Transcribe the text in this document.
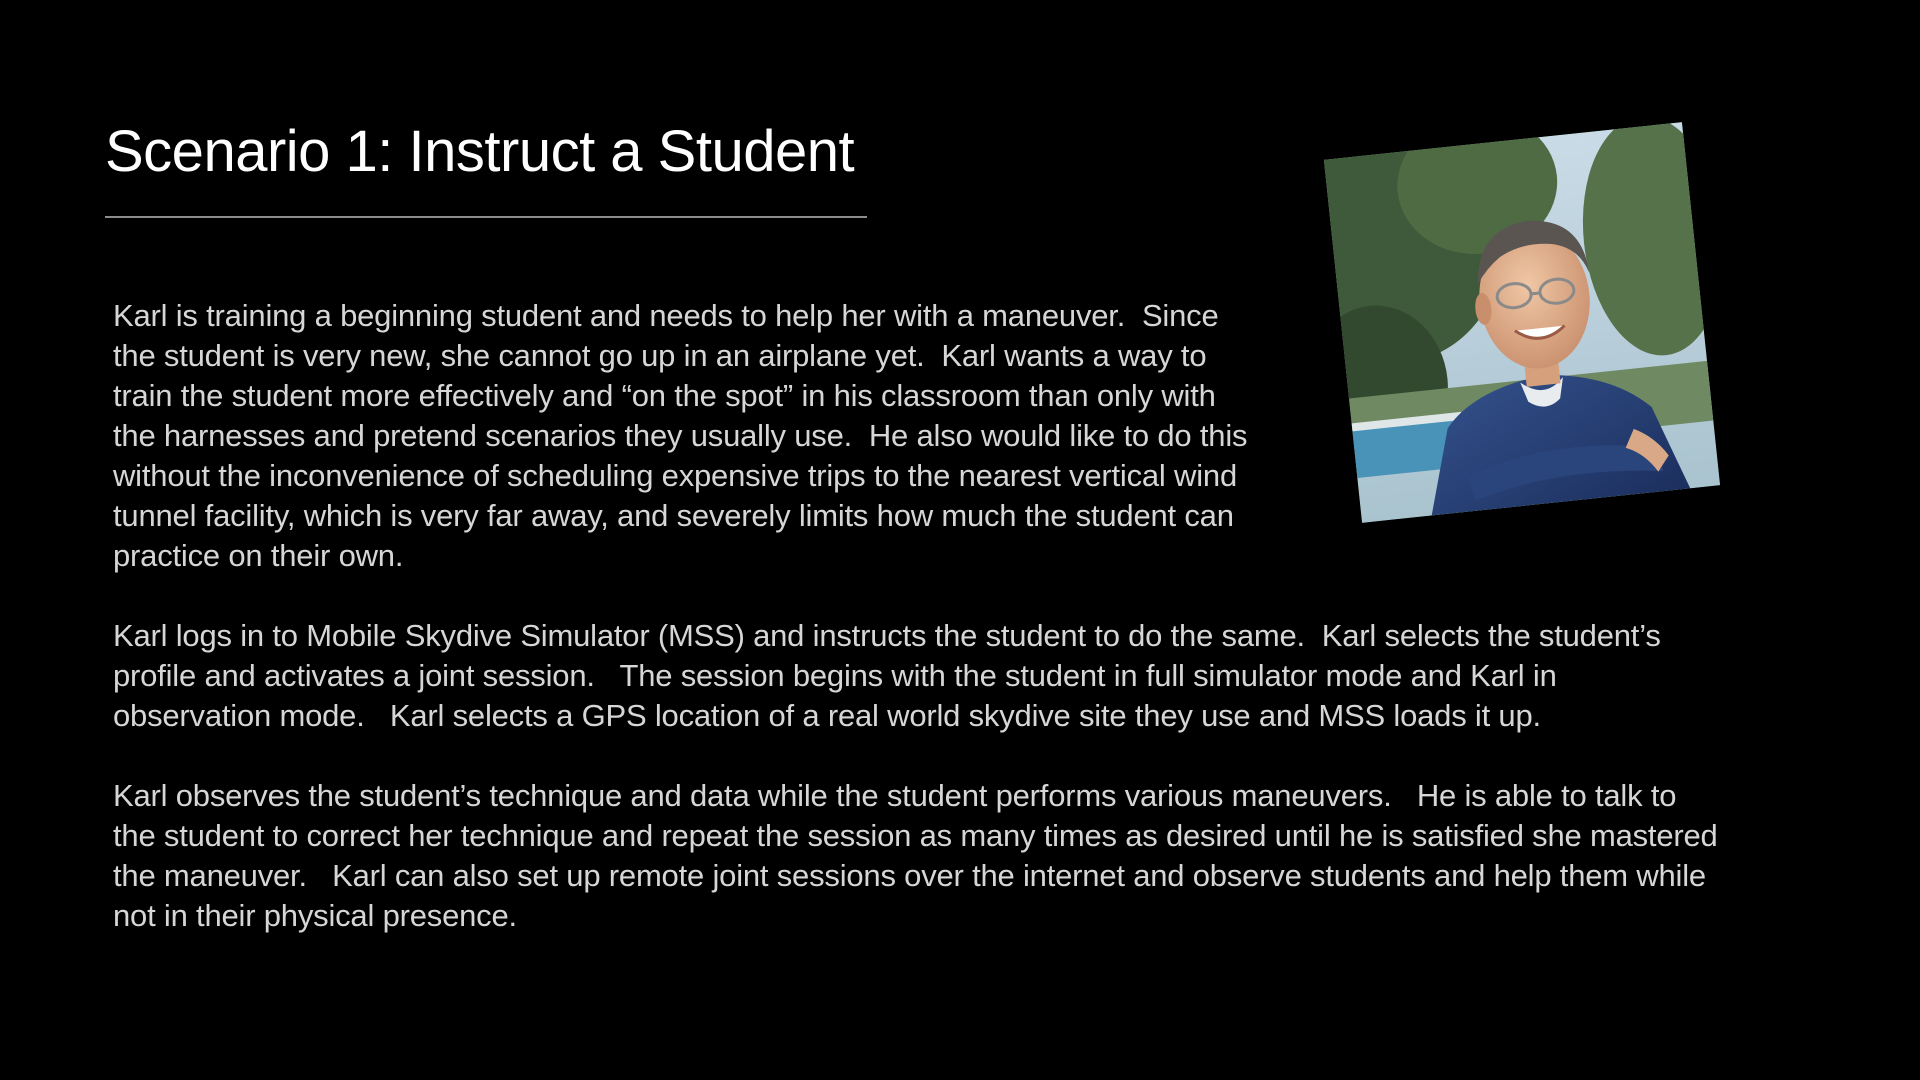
Scenario 1: Instruct a Student

Karl is training a beginning student and needs to help her with a maneuver.  Since
the student is very new, she cannot go up in an airplane yet.  Karl wants a way to
train the student more effectively and “on the spot” in his classroom than only with
the harnesses and pretend scenarios they usually use.  He also would like to do this
without the inconvenience of scheduling expensive trips to the nearest vertical wind
tunnel facility, which is very far away, and severely limits how much the student can
practice on their own.

Karl logs in to Mobile Skydive Simulator (MSS) and instructs the student to do the same.  Karl selects the student’s
profile and activates a joint session.   The session begins with the student in full simulator mode and Karl in
observation mode.   Karl selects a GPS location of a real world skydive site they use and MSS loads it up.

Karl observes the student’s technique and data while the student performs various maneuvers.   He is able to talk to
the student to correct her technique and repeat the session as many times as desired until he is satisfied she mastered
the maneuver.   Karl can also set up remote joint sessions over the internet and observe students and help them while
not in their physical presence.
